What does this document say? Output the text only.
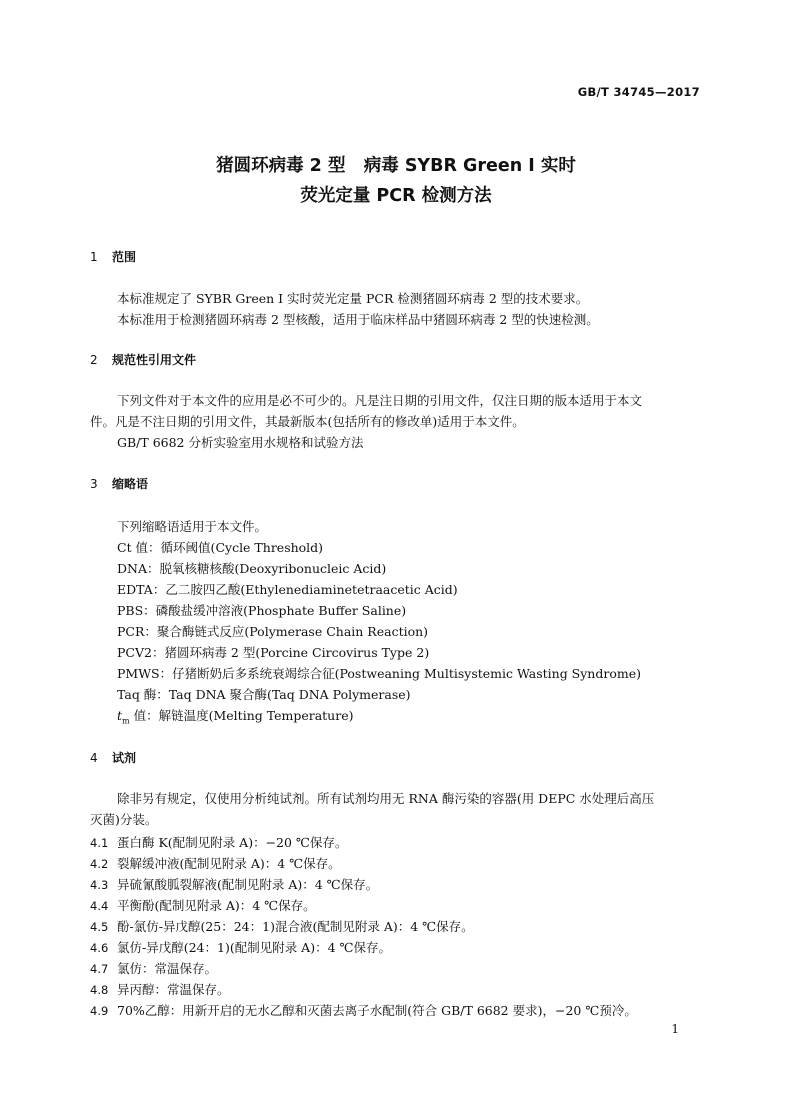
GB/T 34745—2017
猪圆环病毒 2 型   病毒 SYBR Green Ⅰ 实时
荧光定量 PCR 检测方法
1 范围
本标准规定了 SYBR Green Ⅰ 实时荧光定量 PCR 检测猪圆环病毒 2 型的技术要求。
本标准用于检测猪圆环病毒 2 型核酸，适用于临床样品中猪圆环病毒 2 型的快速检测。
2 规范性引用文件
下列文件对于本文件的应用是必不可少的。凡是注日期的引用文件，仅注日期的版本适用于本文
件。凡是不注日期的引用文件，其最新版本(包括所有的修改单)适用于本文件。
GB/T 6682 分析实验室用水规格和试验方法
3 缩略语
下列缩略语适用于本文件。
Ct 值：循环阈值(Cycle Threshold)
DNA：脱氧核糖核酸(Deoxyribonucleic Acid)
EDTA：乙二胺四乙酸(Ethylenediaminetetraacetic Acid)
PBS：磷酸盐缓冲溶液(Phosphate Buffer Saline)
PCR：聚合酶链式反应(Polymerase Chain Reaction)
PCV2：猪圆环病毒 2 型(Porcine Circovirus Type 2)
PMWS：仔猪断奶后多系统衰竭综合征(Postweaning Multisystemic Wasting Syndrome)
Taq 酶：Taq DNA 聚合酶(Taq DNA Polymerase)
$t_m$ 值：解链温度(Melting Temperature)
4 试剂
除非另有规定，仅使用分析纯试剂。所有试剂均用无 RNA 酶污染的容器(用 DEPC 水处理后高压
灭菌)分装。
4.1 蛋白酶 K(配制见附录 A)：−20 ℃保存。
4.2 裂解缓冲液(配制见附录 A)：4 ℃保存。
4.3 异硫氰酸胍裂解液(配制见附录 A)：4 ℃保存。
4.4 平衡酚(配制见附录 A)：4 ℃保存。
4.5 酚-氯仿-异戊醇(25：24：1)混合液(配制见附录 A)：4 ℃保存。
4.6 氯仿-异戊醇(24：1)(配制见附录 A)：4 ℃保存。
4.7 氯仿：常温保存。
4.8 异丙醇：常温保存。
4.9 70%乙醇：用新开启的无水乙醇和灭菌去离子水配制(符合 GB/T 6682 要求)，−20 ℃预冷。
1
